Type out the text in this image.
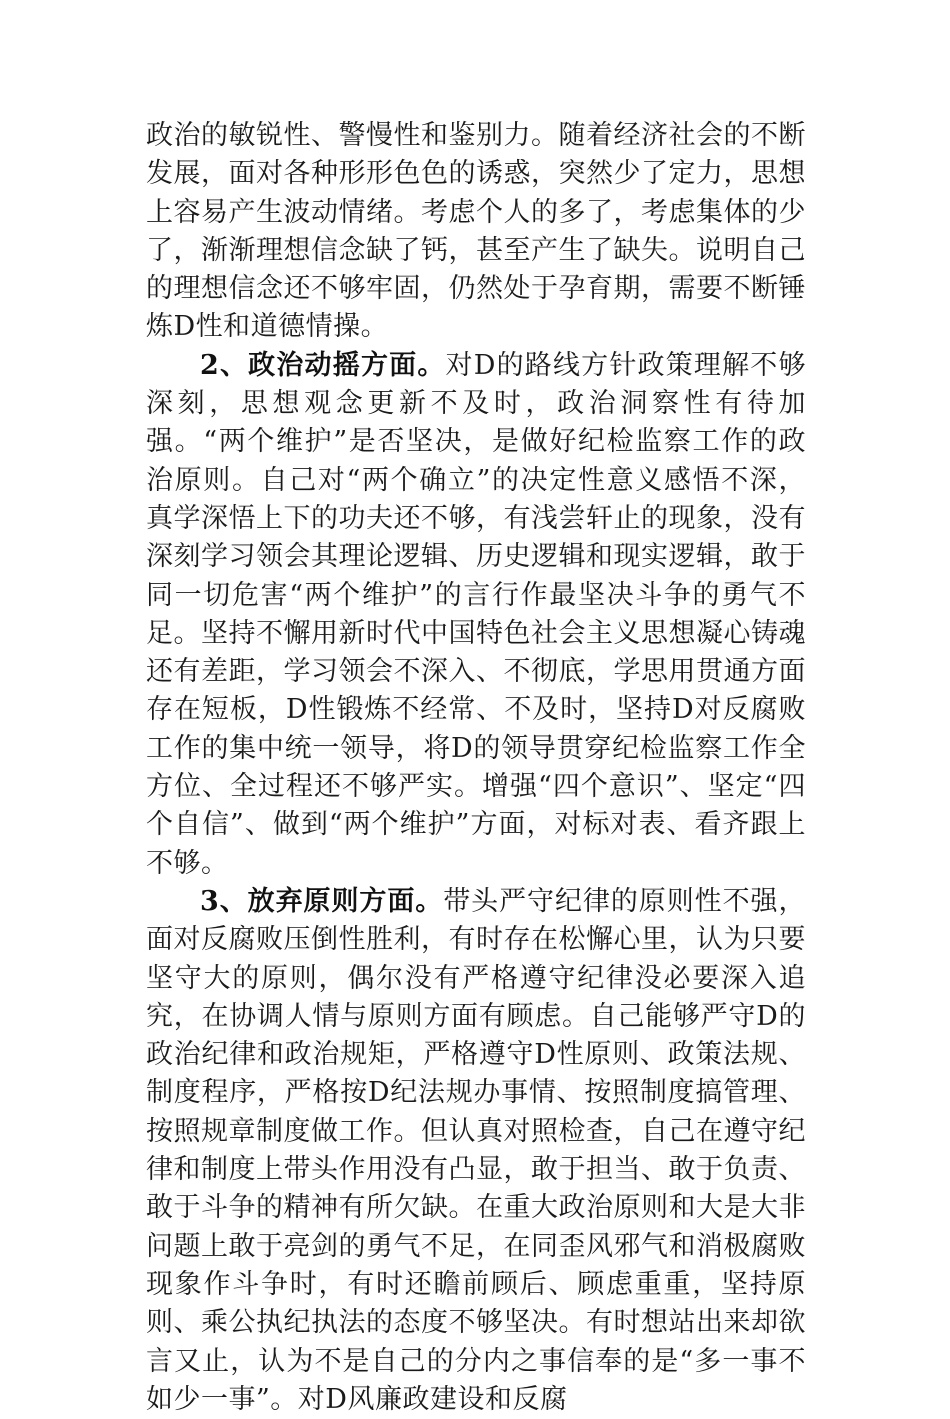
政治的敏锐性、警慢性和鉴别力。随着经济社会的不断发展，面对各种形形色色的诱惑，突然少了定力，思想上容易产生波动情绪。考虑个人的多了，考虑集体的少了，渐渐理想信念缺了钙，甚至产生了缺失。说明自己的理想信念还不够牢固，仍然处于孕育期，需要不断锤炼D性和道德情操。

2、政治动摇方面。对D的路线方针政策理解不够深刻，思想观念更新不及时，政治洞察性有待加强。“两个维护”是否坚决，是做好纪检监察工作的政治原则。自己对“两个确立”的决定性意义感悟不深，真学深悟上下的功夫还不够，有浅尝轩止的现象，没有深刻学习领会其理论逻辑、历史逻辑和现实逻辑，敢于同一切危害“两个维护”的言行作最坚决斗争的勇气不足。坚持不懈用新时代中国特色社会主义思想凝心铸魂还有差距，学习领会不深入、不彻底，学思用贯通方面存在短板，D性锻炼不经常、不及时，坚持D对反腐败工作的集中统一领导，将D的领导贯穿纪检监察工作全方位、全过程还不够严实。增强“四个意识”、坚定“四个自信”、做到“两个维护”方面，对标对表、看齐跟上不够。

3、放弃原则方面。带头严守纪律的原则性不强，面对反腐败压倒性胜利，有时存在松懈心里，认为只要坚守大的原则，偶尔没有严格遵守纪律没必要深入追究，在协调人情与原则方面有顾虑。自己能够严守D的政治纪律和政治规矩，严格遵守D性原则、政策法规、制度程序，严格按D纪法规办事情、按照制度搞管理、按照规章制度做工作。但认真对照检查，自己在遵守纪律和制度上带头作用没有凸显，敢于担当、敢于负责、敢于斗争的精神有所欠缺。在重大政治原则和大是大非问题上敢于亮剑的勇气不足，在同歪风邪气和消极腐败现象作斗争时，有时还瞻前顾后、顾虑重重，坚持原则、乘公执纪执法的态度不够坚决。有时想站出来却欲言又止，认为不是自己的分内之事信奉的是“多一事不如少一事”。对D风廉政建设和反腐
